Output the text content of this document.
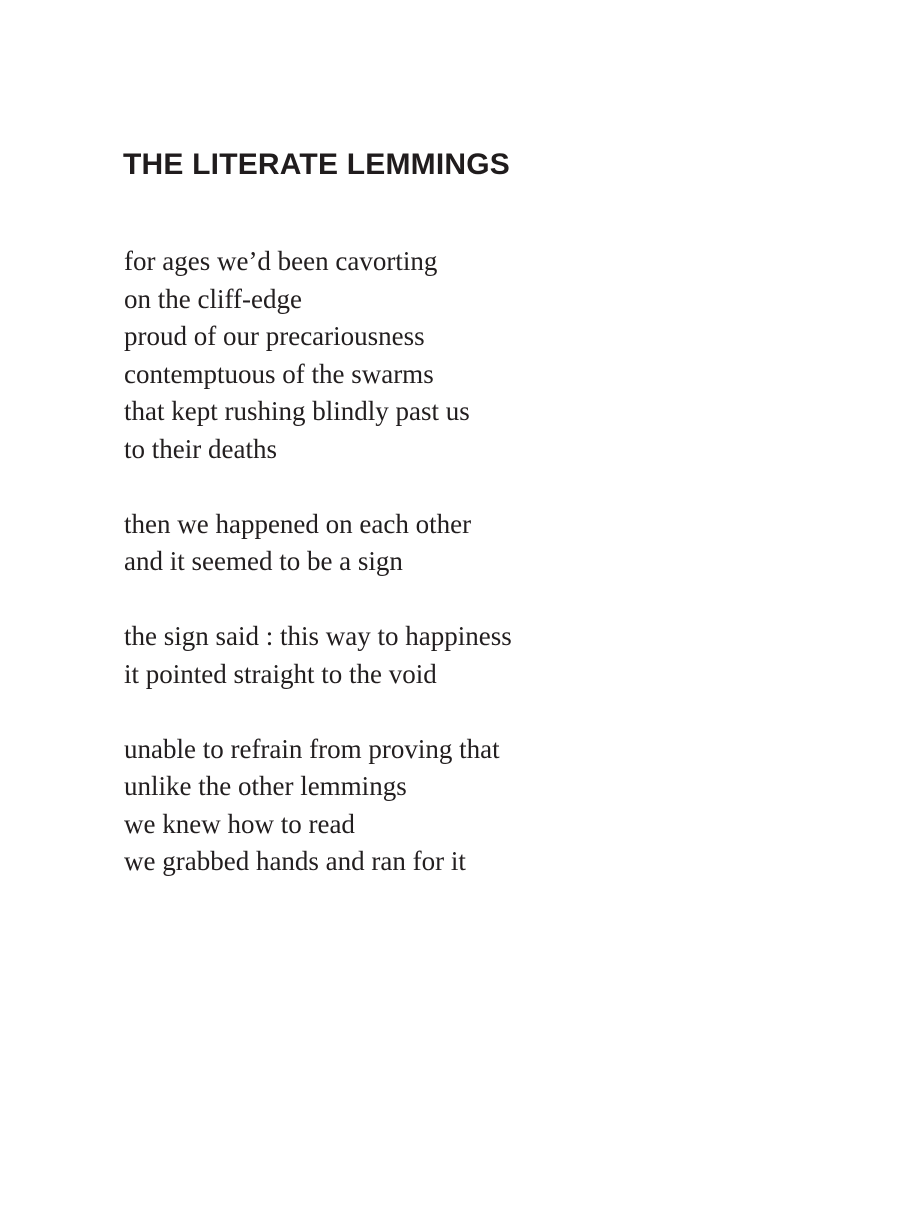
THE LITERATE LEMMINGS
for ages we’d been cavorting
on the cliff-edge
proud of our precariousness
contemptuous of the swarms
that kept rushing blindly past us
to their deaths
then we happened on each other
and it seemed to be a sign
the sign said : this way to happiness
it pointed straight to the void
unable to refrain from proving that
unlike the other lemmings
we knew how to read
we grabbed hands and ran for it
